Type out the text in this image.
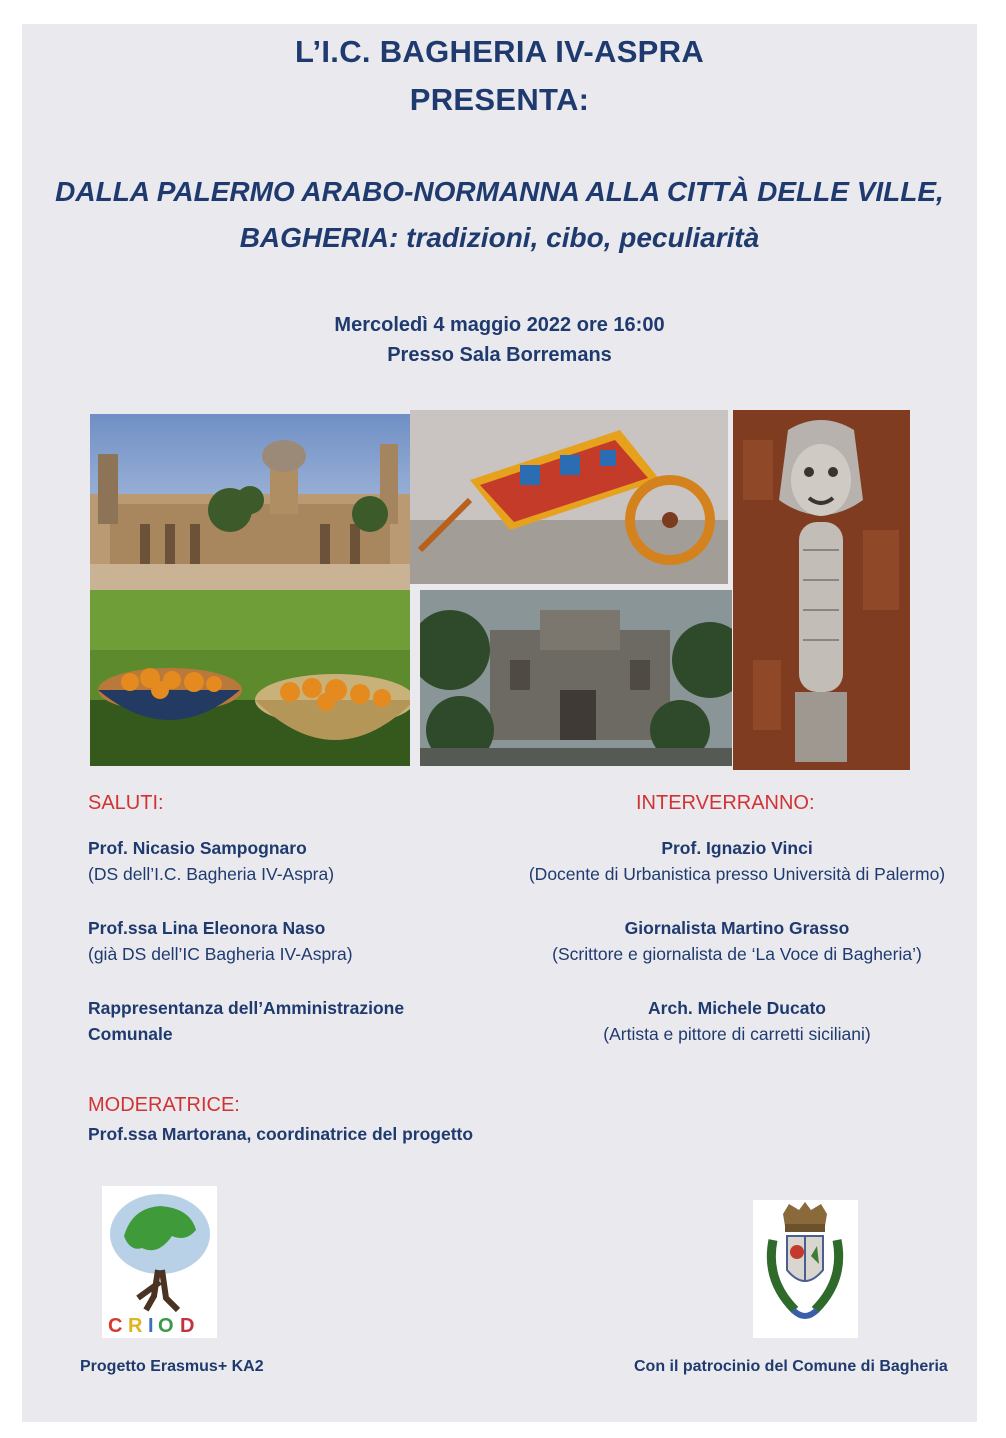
L’I.C. BAGHERIA IV-ASPRA
PRESENTA:
DALLA PALERMO ARABO-NORMANNA ALLA CITTÀ DELLE VILLE,
BAGHERIA: tradizioni, cibo, peculiarità
Mercoledì 4 maggio 2022 ore 16:00
Presso Sala Borremans
SALUTI:
Prof. Nicasio Sampognaro
(DS dell’I.C. Bagheria IV-Aspra)
Prof.ssa Lina Eleonora Naso
(già DS dell’IC Bagheria IV-Aspra)
Rappresentanza dell’Amministrazione
Comunale
INTERVERRANNO:
Prof. Ignazio Vinci
(Docente di Urbanistica presso Università di Palermo)
Giornalista Martino Grasso
(Scrittore e giornalista de ‘La Voce di Bagheria’)
Arch. Michele Ducato
(Artista e pittore di carretti siciliani)
MODERATRICE:
Prof.ssa Martorana, coordinatrice del progetto
C R I O D
Progetto Erasmus+ KA2	Con il patrocinio del Comune di Bagheria
